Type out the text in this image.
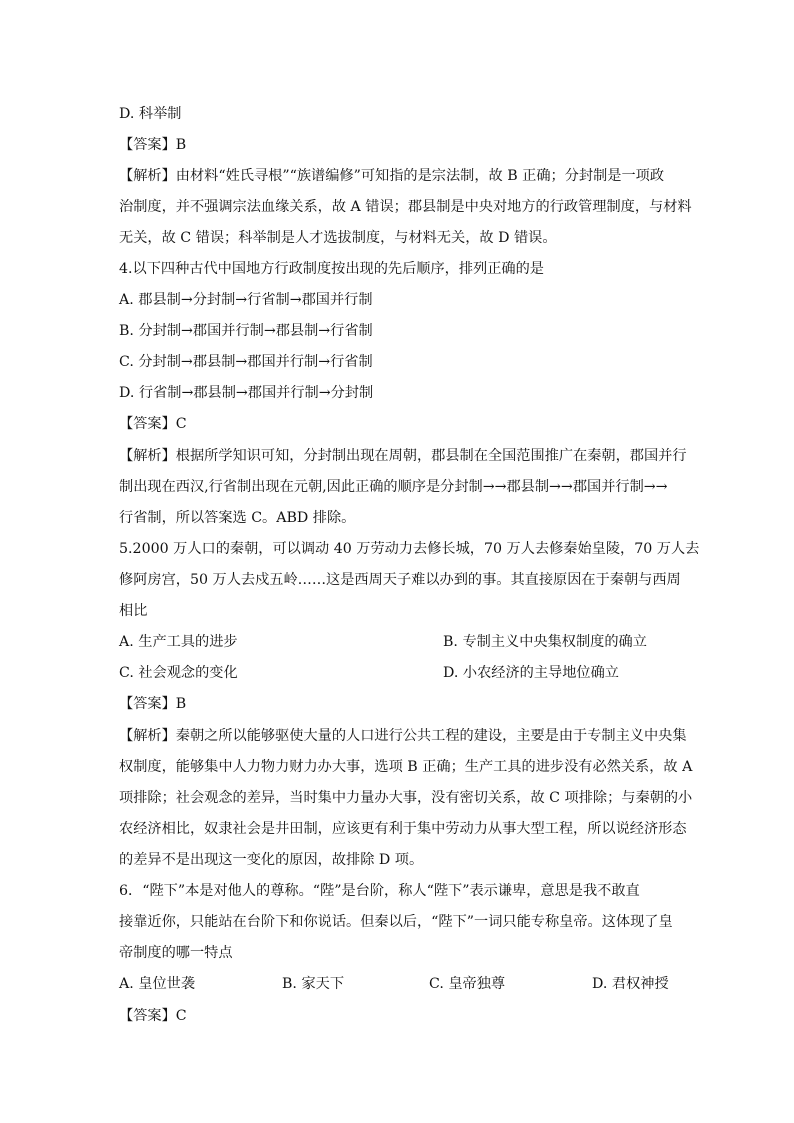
D. 科举制
【答案】B
【解析】由材料“姓氏寻根”“族谱编修”可知指的是宗法制，故 B 正确；分封制是一项政
治制度，并不强调宗法血缘关系，故 A 错误；郡县制是中央对地方的行政管理制度，与材料
无关，故 C 错误；科举制是人才选拔制度，与材料无关，故 D 错误。
4.以下四种古代中国地方行政制度按出现的先后顺序，排列正确的是
A. 郡县制→分封制→行省制→郡国并行制
B. 分封制→郡国并行制→郡县制→行省制
C. 分封制→郡县制→郡国并行制→行省制
D. 行省制→郡县制→郡国并行制→分封制
【答案】C
【解析】根据所学知识可知，分封制出现在周朝，郡县制在全国范围推广在秦朝，郡国并行
制出现在西汉,行省制出现在元朝,因此正确的顺序是分封制→→郡县制→→郡国并行制→→
行省制，所以答案选 C。ABD 排除。
5.2000 万人口的秦朝，可以调动 40 万劳动力去修长城，70 万人去修秦始皇陵，70 万人去
修阿房宫，50 万人去戍五岭……这是西周天子难以办到的事。其直接原因在于秦朝与西周
相比
A. 生产工具的进步	B. 专制主义中央集权制度的确立
C. 社会观念的变化	D. 小农经济的主导地位确立
【答案】B
【解析】秦朝之所以能够驱使大量的人口进行公共工程的建设，主要是由于专制主义中央集
权制度，能够集中人力物力财力办大事，选项 B 正确；生产工具的进步没有必然关系，故 A
项排除；社会观念的差异，当时集中力量办大事，没有密切关系，故 C 项排除；与秦朝的小
农经济相比，奴隶社会是井田制，应该更有利于集中劳动力从事大型工程，所以说经济形态
的差异不是出现这一变化的原因，故排除 D 项。
6．“陛下”本是对他人的尊称。“陛”是台阶，称人“陛下”表示谦卑，意思是我不敢直
接靠近你，只能站在台阶下和你说话。但秦以后，“陛下”一词只能专称皇帝。这体现了皇
帝制度的哪一特点
A. 皇位世袭	B. 家天下	C. 皇帝独尊	D. 君权神授
【答案】C
